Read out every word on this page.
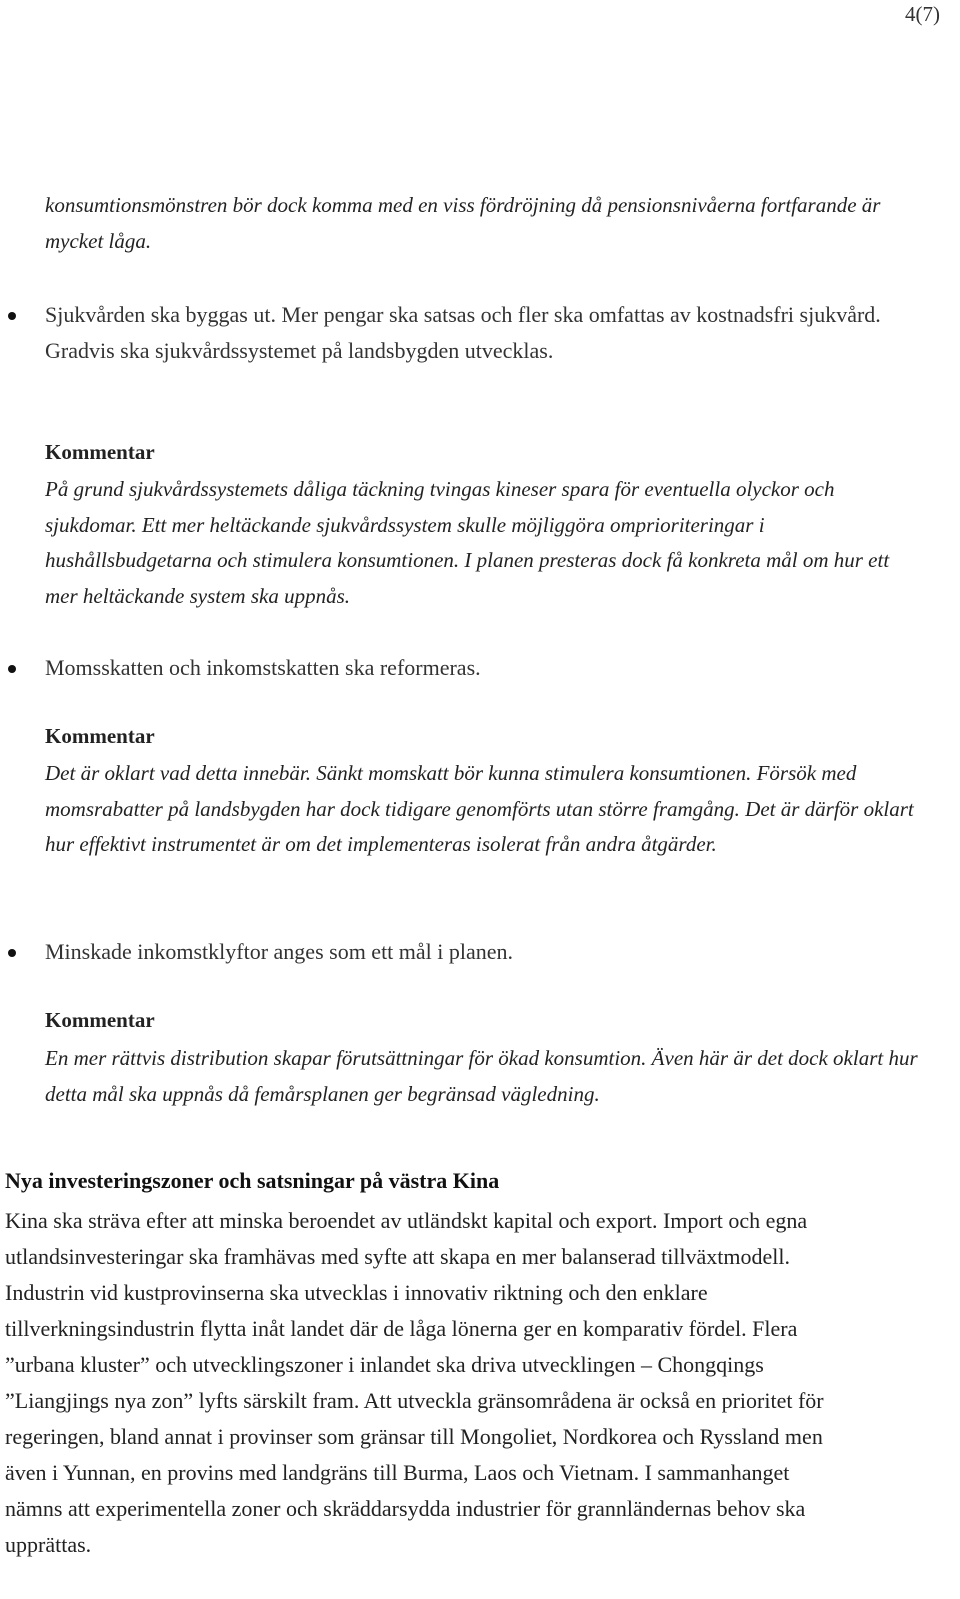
4(7)
konsumtionsmönstren bör dock komma med en viss fördröjning då pensionsnivåerna fortfarande är mycket låga.
Sjukvården ska byggas ut. Mer pengar ska satsas och fler ska omfattas av kostnadsfri sjukvård. Gradvis ska sjukvårdssystemet på landsbygden utvecklas.
Kommentar
På grund sjukvårdssystemets dåliga täckning tvingas kineser spara för eventuella olyckor och sjukdomar. Ett mer heltäckande sjukvårdssystem skulle möjliggöra omprioriteringar i hushållsbudgetarna och stimulera konsumtionen. I planen presteras dock få konkreta mål om hur ett mer heltäckande system ska uppnås.
Momsskatten och inkomstskatten ska reformeras.
Kommentar
Det är oklart vad detta innebär. Sänkt momskatt bör kunna stimulera konsumtionen. Försök med momsrabatter på landsbygden har dock tidigare genomförts utan större framgång. Det är därför oklart hur effektivt instrumentet är om det implementeras isolerat från andra åtgärder.
Minskade inkomstklyftor anges som ett mål i planen.
Kommentar
En mer rättvis distribution skapar förutsättningar för ökad konsumtion. Även här är det dock oklart hur detta mål ska uppnås då femårsplanen ger begränsad vägledning.
Nya investeringszoner och satsningar på västra Kina
Kina ska sträva efter att minska beroendet av utländskt kapital och export. Import och egna utlandsinvesteringar ska framhävas med syfte att skapa en mer balanserad tillväxtmodell. Industrin vid kustprovinserna ska utvecklas i innovativ riktning och den enklare tillverkningsindustrin flytta inåt landet där de låga lönerna ger en komparativ fördel. Flera ”urbana kluster” och utvecklingszoner i inlandet ska driva utvecklingen – Chongqings ”Liangjings nya zon” lyfts särskilt fram. Att utveckla gränsområdena är också en prioritet för regeringen, bland annat i provinser som gränsar till Mongoliet, Nordkorea och Ryssland men även i Yunnan, en provins med landgräns till Burma, Laos och Vietnam. I sammanhanget nämns att experimentella zoner och skräddarsydda industrier för grannländernas behov ska upprättas.
